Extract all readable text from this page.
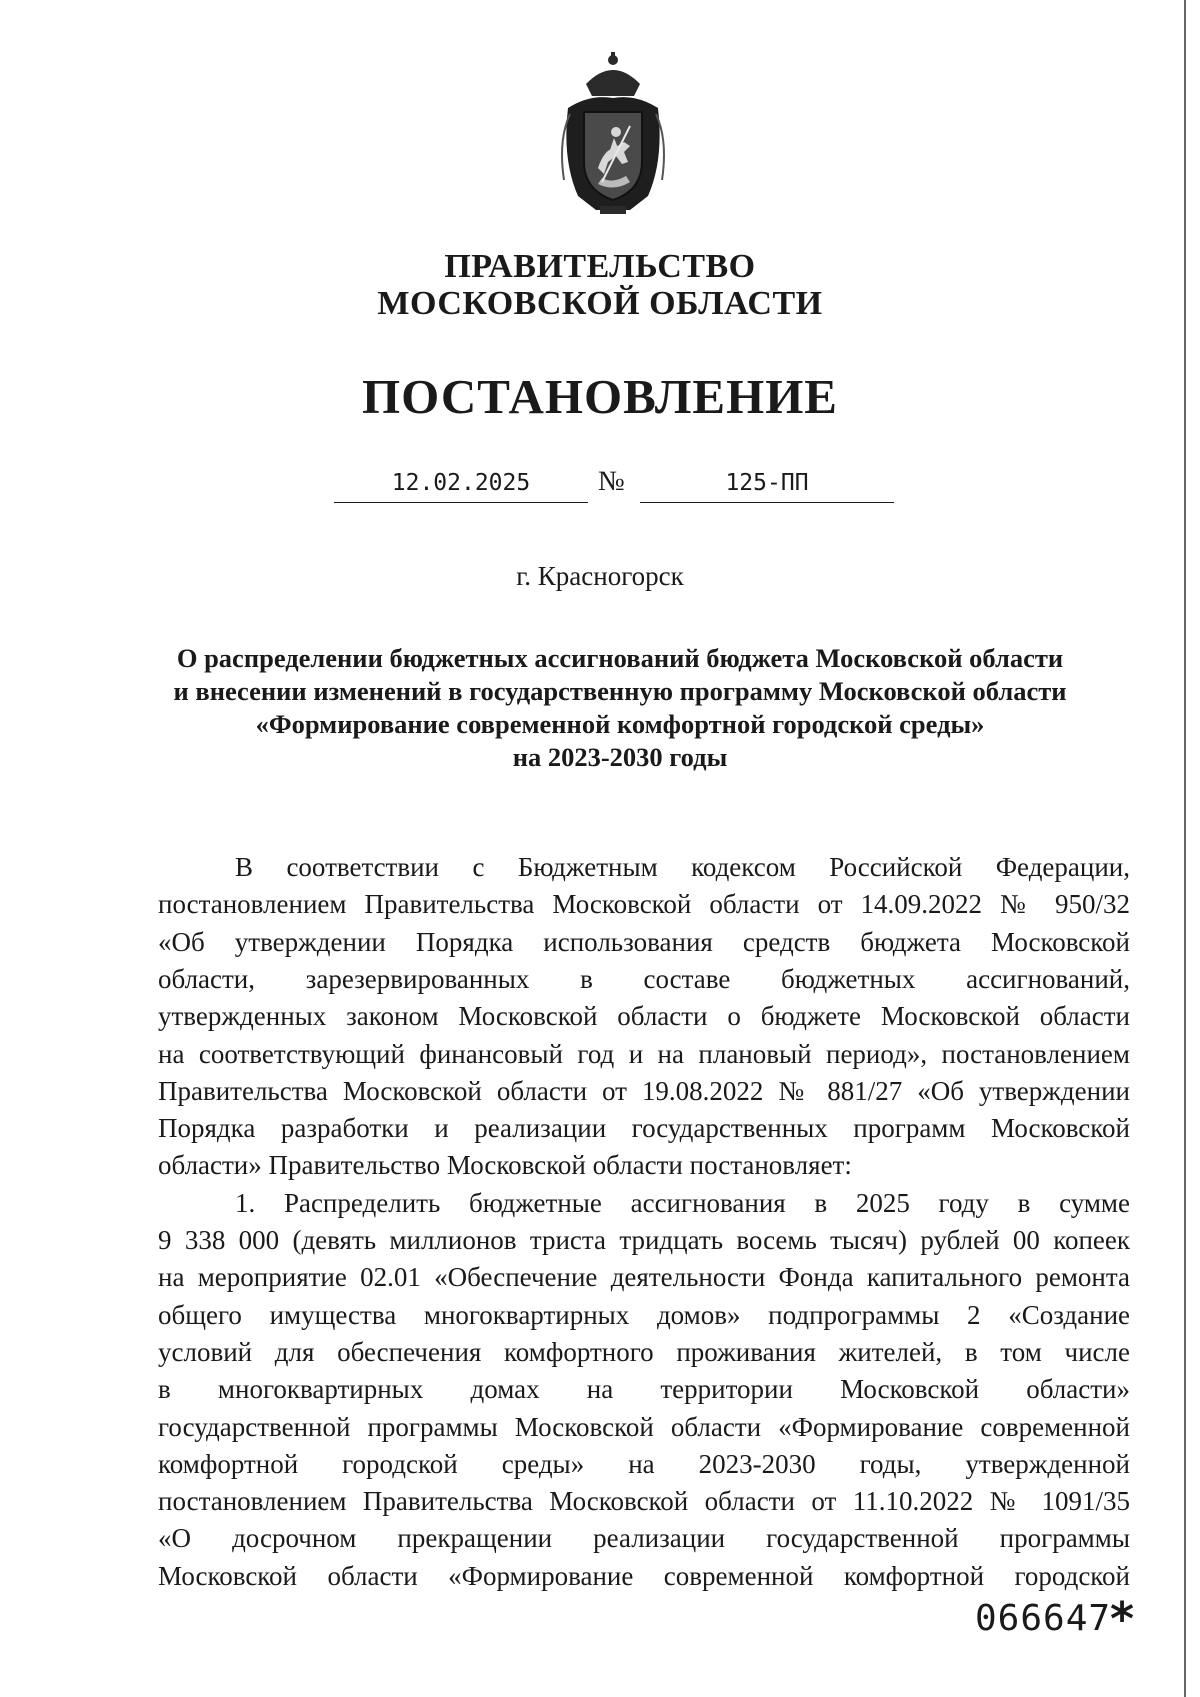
ПРАВИТЕЛЬСТВО
МОСКОВСКОЙ ОБЛАСТИ
ПОСТАНОВЛЕНИЕ
12.02.2025	№	125-ПП
г. Красногорск
О распределении бюджетных ассигнований бюджета Московской области
и внесении изменений в государственную программу Московской области
«Формирование современной комфортной городской среды»
на 2023-2030 годы
В соответствии с Бюджетным кодексом Российской Федерации,
постановлением Правительства Московской области от 14.09.2022 № 950/32
«Об утверждении Порядка использования средств бюджета Московской
области, зарезервированных в составе бюджетных ассигнований,
утвержденных законом Московской области о бюджете Московской области
на соответствующий финансовый год и на плановый период», постановлением
Правительства Московской области от 19.08.2022 № 881/27 «Об утверждении
Порядка разработки и реализации государственных программ Московской
области» Правительство Московской области постановляет:
1. Распределить бюджетные ассигнования в 2025 году в сумме
9 338 000 (девять миллионов триста тридцать восемь тысяч) рублей 00 копеек
на мероприятие 02.01 «Обеспечение деятельности Фонда капитального ремонта
общего имущества многоквартирных домов» подпрограммы 2 «Создание
условий для обеспечения комфортного проживания жителей, в том числе
в многоквартирных домах на территории Московской области»
государственной программы Московской области «Формирование современной
комфортной городской среды» на 2023-2030 годы, утвержденной
постановлением Правительства Московской области от 11.10.2022 № 1091/35
«О досрочном прекращении реализации государственной программы
Московской области «Формирование современной комфортной городской
066647
*
